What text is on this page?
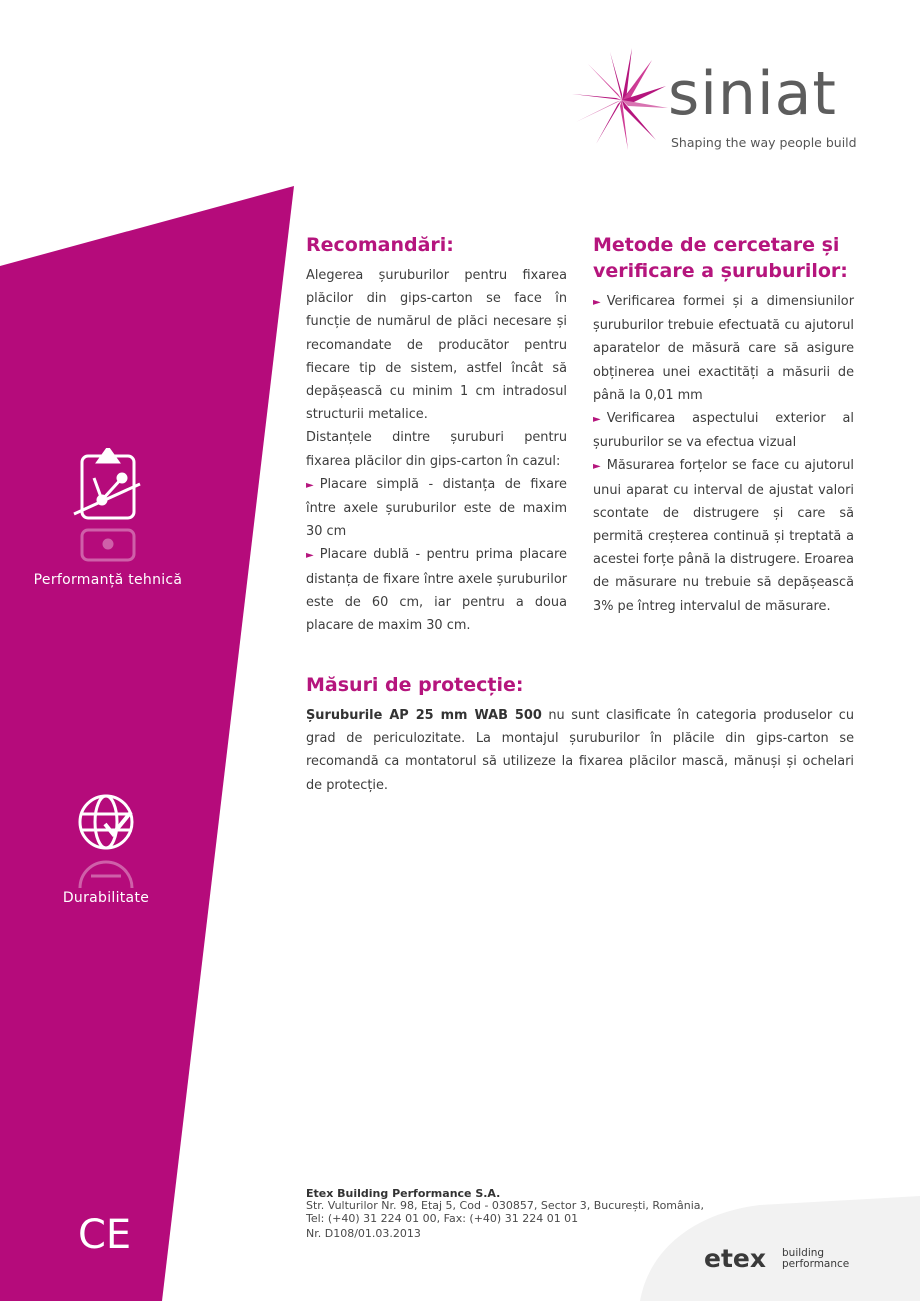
siniat
Shaping the way people build
Performanță tehnică
Durabilitate
CE
Recomandări:

Alegerea șuruburilor pentru fixarea plăcilor din gips-carton se face în funcție de numărul de plăci necesare și recomandate de producător pentru fiecare tip de sistem, astfel încât să depășească cu minim 1 cm intradosul structurii metalice.

Distanțele dintre șuruburi pentru fixarea plăcilor din gips-carton în cazul:

► Placare simplă - distanța de fixare între axele șuruburilor este de maxim 30 cm

► Placare dublă - pentru prima placare distanța de fixare între axele șuruburilor este de 60 cm, iar pentru a doua placare de maxim 30 cm.

Metode de cercetare și
verificare a șuruburilor:

► Verificarea formei și a dimensiunilor șuruburilor trebuie efectuată cu ajutorul aparatelor de măsură care să asigure obținerea unei exactități a măsurii de până la 0,01 mm

► Verificarea aspectului exterior al șuruburilor se va efectua vizual

► Măsurarea forțelor se face cu ajutorul unui aparat cu interval de ajustat valori scontate de distrugere și care să permită creșterea continuă și treptată a acestei forțe până la distrugere. Eroarea de măsurare nu trebuie să depășească 3% pe întreg intervalul de măsurare.

Măsuri de protecție:

Șuruburile AP 25 mm WAB 500 nu sunt clasificate în categoria produselor cu grad de periculozitate. La montajul șuruburilor în plăcile din gips-carton se recomandă ca montatorul să utilizeze la fixarea plăcilor mască, mănuși și ochelari de protecție.

Etex Building Performance S.A.
Str. Vulturilor Nr. 98, Etaj 5, Cod - 030857, Sector 3, București, România,
Tel: (+40) 31 224 01 00, Fax: (+40) 31 224 01 01
Nr. D108/01.03.2013
etex building
performance
